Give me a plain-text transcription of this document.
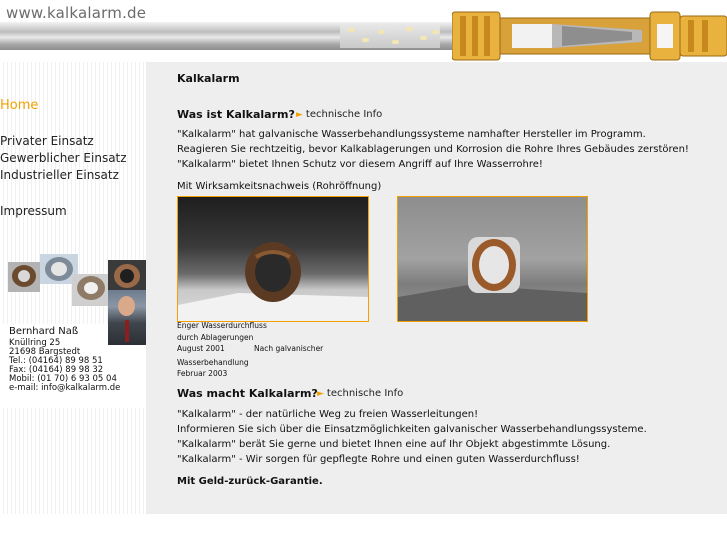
www.kalkalarm.de
Home
Privater Einsatz
Gewerblicher Einsatz
Industrieller Einsatz
Impressum
Bernhard Naß
Knüllring 25
21698 Bargstedt
Tel.: (04164) 89 98 51
Fax: (04164) 89 98 32
Mobil: (01 70) 6 93 05 04
e-mail: info@kalkalarm.de
Kalkalarm
Was ist Kalkalarm? ► technische Info
"Kalkalarm" hat galvanische Wasserbehandlungssysteme namhafter Hersteller im Programm.
Reagieren Sie rechtzeitig, bevor Kalkablagerungen und Korrosion die Rohre Ihres Gebäudes zerstören!
"Kalkalarm" bietet Ihnen Schutz vor diesem Angriff auf Ihre Wasserrohre!
Mit Wirksamkeitsnachweis (Rohröffnung)
Enger Wasserdurchfluss
durch Ablagerungen
August 2001	Nach galvanischer
Wasserbehandlung
Februar 2003
Was macht Kalkalarm? ► technische Info
"Kalkalarm" - der natürliche Weg zu freien Wasserleitungen!
Informieren Sie sich über die Einsatzmöglichkeiten galvanischer Wasserbehandlungssysteme.
"Kalkalarm" berät Sie gerne und bietet Ihnen eine auf Ihr Objekt abgestimmte Lösung.
"Kalkalarm" - Wir sorgen für gepflegte Rohre und einen guten Wasserdurchfluss!
Mit Geld-zurück-Garantie.
